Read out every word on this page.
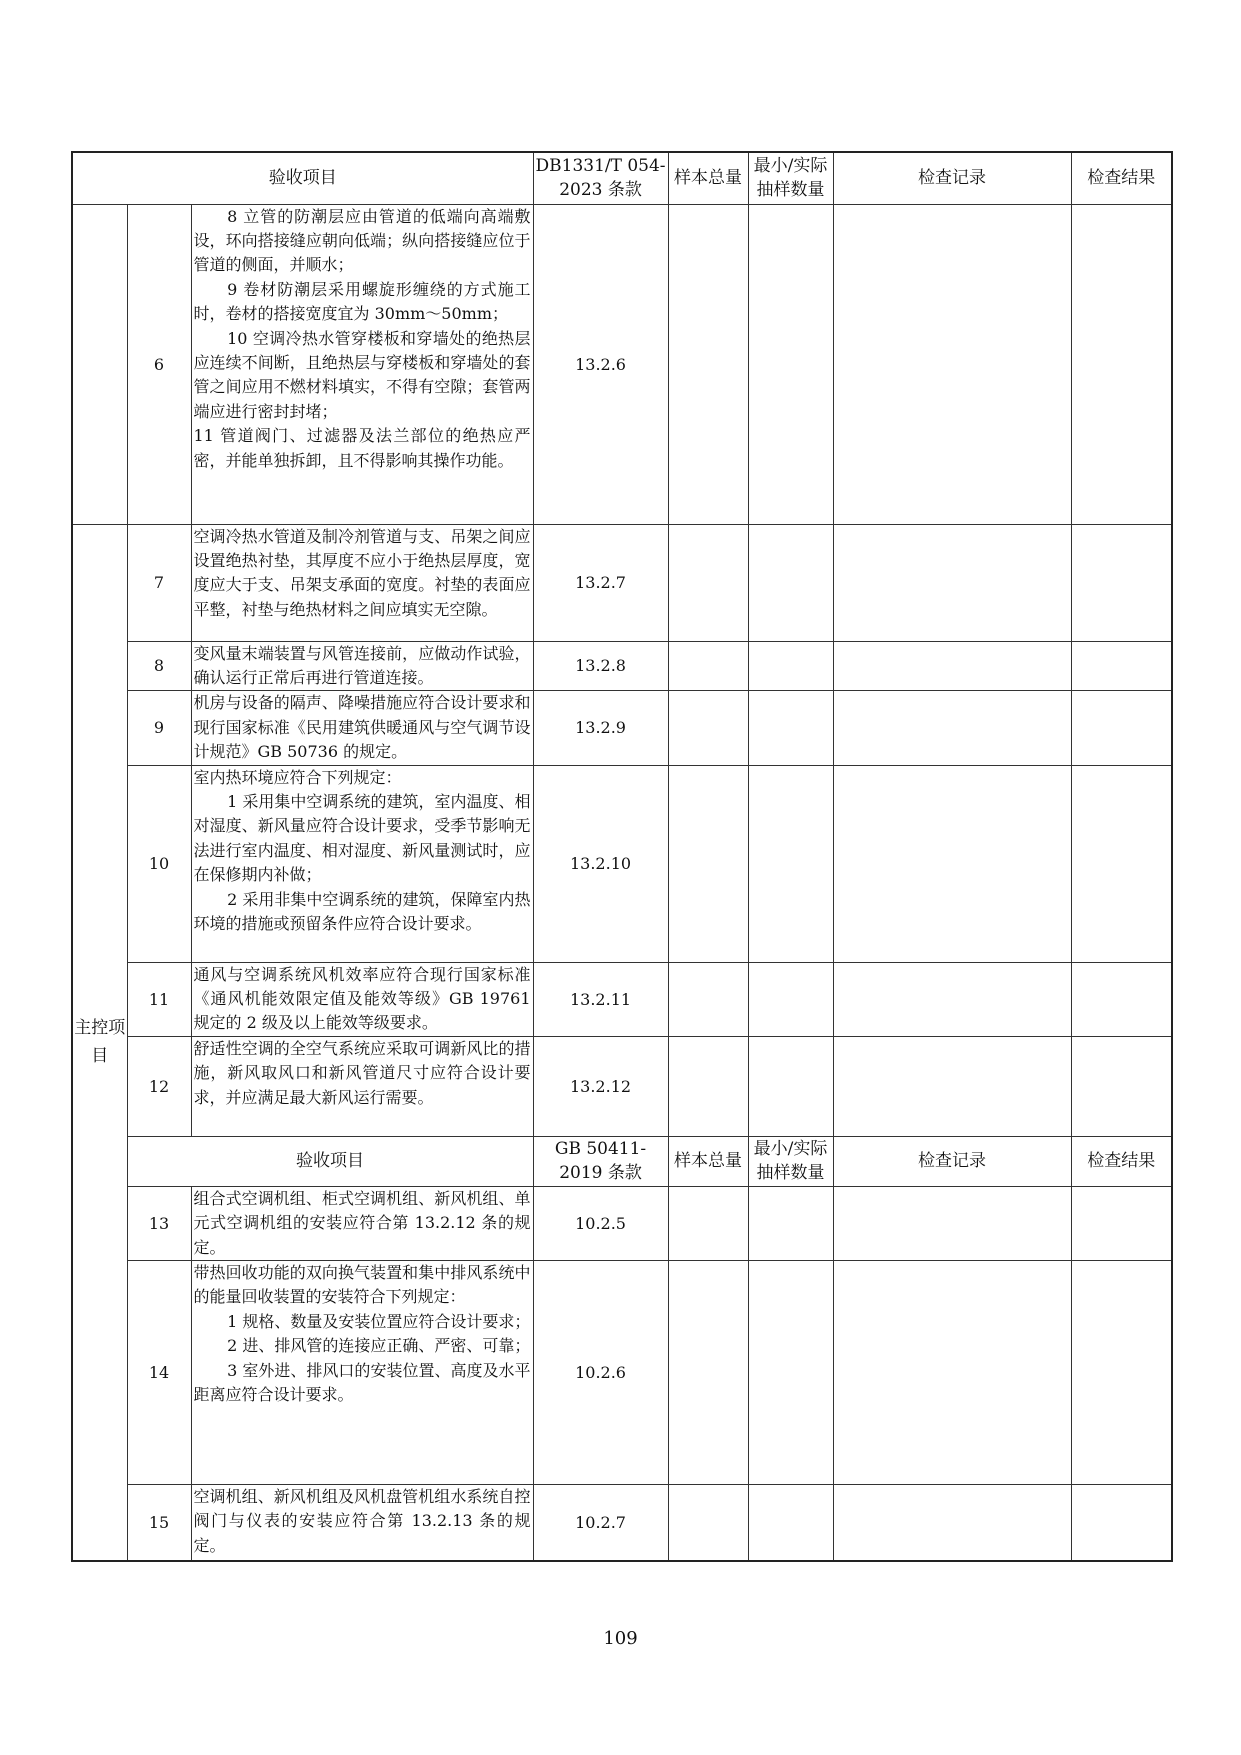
验收项目			DB1331/T 054-2023 条款	样本总量	最小/实际抽样数量	检查记录	检查结果
	6	8 立管的防潮层应由管道的低端向高端敷设，环向搭接缝应朝向低端；纵向搭接缝应位于管道的侧面，并顺水；

9 卷材防潮层采用螺旋形缠绕的方式施工时，卷材的搭接宽度宜为 30mm～50mm；

10 空调冷热水管穿楼板和穿墙处的绝热层应连续不间断，且绝热层与穿楼板和穿墙处的套管之间应用不燃材料填实，不得有空隙；套管两端应进行密封封堵；

11 管道阀门、过滤器及法兰部位的绝热应严密，并能单独拆卸，且不得影响其操作功能。	13.2.6				
主控项目	7	空调冷热水管道及制冷剂管道与支、吊架之间应设置绝热衬垫，其厚度不应小于绝热层厚度，宽度应大于支、吊架支承面的宽度。衬垫的表面应平整，衬垫与绝热材料之间应填实无空隙。	13.2.7				
	8	变风量末端装置与风管连接前，应做动作试验，确认运行正常后再进行管道连接。	13.2.8				
	9	机房与设备的隔声、降噪措施应符合设计要求和现行国家标准《民用建筑供暖通风与空气调节设计规范》GB 50736 的规定。	13.2.9				
	10	室内热环境应符合下列规定：

1 采用集中空调系统的建筑，室内温度、相对湿度、新风量应符合设计要求，受季节影响无法进行室内温度、相对湿度、新风量测试时，应在保修期内补做；

2 采用非集中空调系统的建筑，保障室内热环境的措施或预留条件应符合设计要求。	13.2.10				
	11	通风与空调系统风机效率应符合现行国家标准《通风机能效限定值及能效等级》GB 19761 规定的 2 级及以上能效等级要求。	13.2.11				
	12	舒适性空调的全空气系统应采取可调新风比的措施，新风取风口和新风管道尺寸应符合设计要求，并应满足最大新风运行需要。	13.2.12				
	验收项目		GB 50411-2019 条款	样本总量	最小/实际抽样数量	检查记录	检查结果
	13	组合式空调机组、柜式空调机组、新风机组、单元式空调机组的安装应符合第 13.2.12 条的规定。	10.2.5				
	14	带热回收功能的双向换气装置和集中排风系统中的能量回收装置的安装符合下列规定：

1 规格、数量及安装位置应符合设计要求；

2 进、排风管的连接应正确、严密、可靠；

3 室外进、排风口的安装位置、高度及水平距离应符合设计要求。	10.2.6				
	15	空调机组、新风机组及风机盘管机组水系统自控阀门与仪表的安装应符合第 13.2.13 条的规定。	10.2.7				
109
